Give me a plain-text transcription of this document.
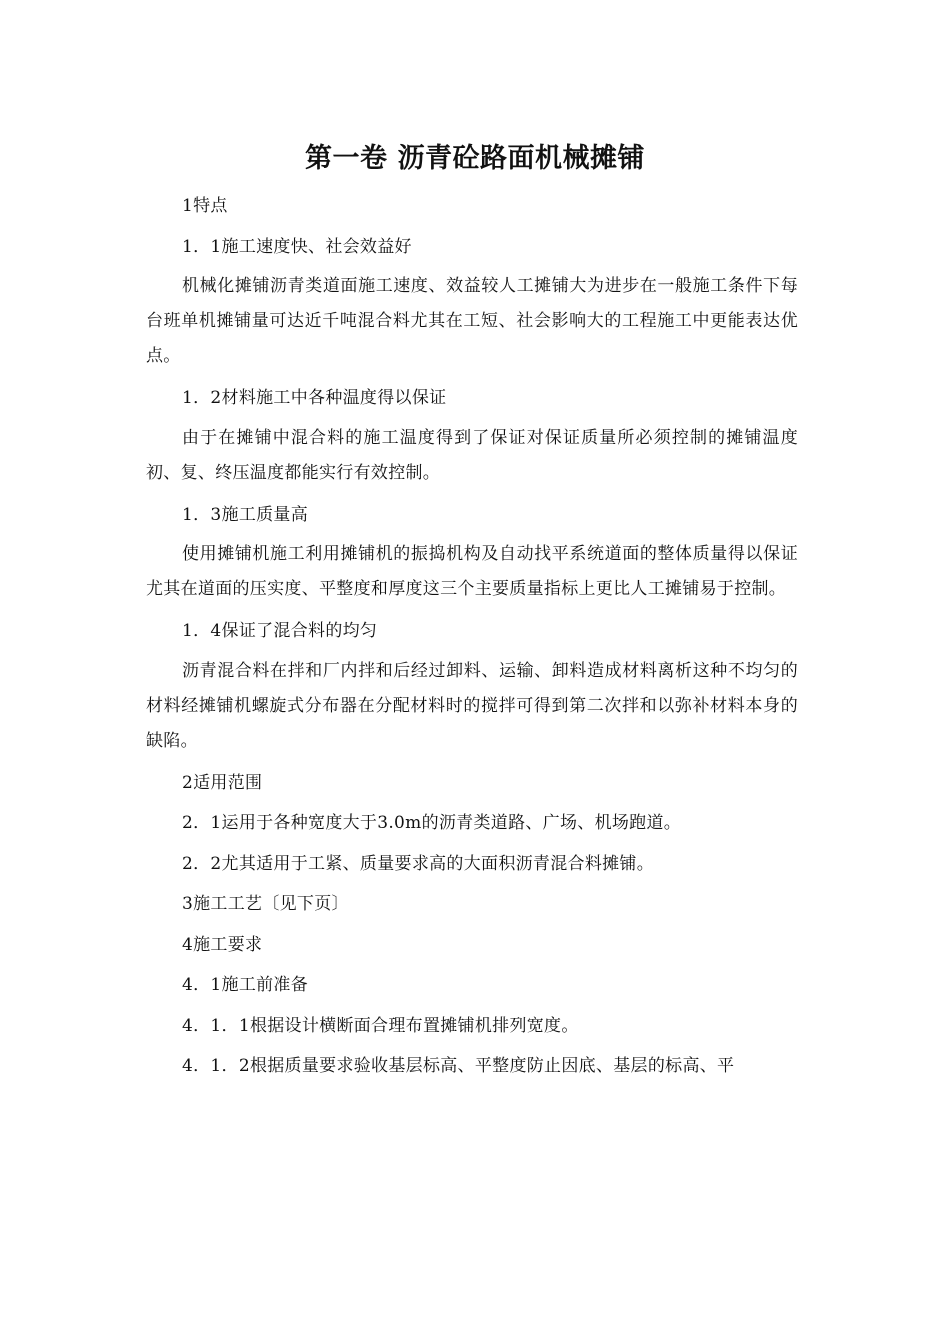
第一卷 沥青砼路面机械摊铺

1特点

1．1施工速度快、社会效益好

机械化摊铺沥青类道面施工速度、效益较人工摊铺大为进步在一般施工条件下每台班单机摊铺量可达近千吨混合料尤其在工短、社会影响大的工程施工中更能表达优点。

1．2材料施工中各种温度得以保证

由于在摊铺中混合料的施工温度得到了保证对保证质量所必须控制的摊铺温度初、复、终压温度都能实行有效控制。

1．3施工质量高

使用摊铺机施工利用摊铺机的振捣机构及自动找平系统道面的整体质量得以保证尤其在道面的压实度、平整度和厚度这三个主要质量指标上更比人工摊铺易于控制。

1．4保证了混合料的均匀

沥青混合料在拌和厂内拌和后经过卸料、运输、卸料造成材料离析这种不均匀的材料经摊铺机螺旋式分布器在分配材料时的搅拌可得到第二次拌和以弥补材料本身的缺陷。

2适用范围

2．1运用于各种宽度大于3.0m的沥青类道路、广场、机场跑道。

2．2尤其适用于工紧、质量要求高的大面积沥青混合料摊铺。

3施工工艺〔见下页〕

4施工要求

4．1施工前准备

4．1．1根据设计横断面合理布置摊铺机排列宽度。

4．1．2根据质量要求验收基层标高、平整度防止因底、基层的标高、平
